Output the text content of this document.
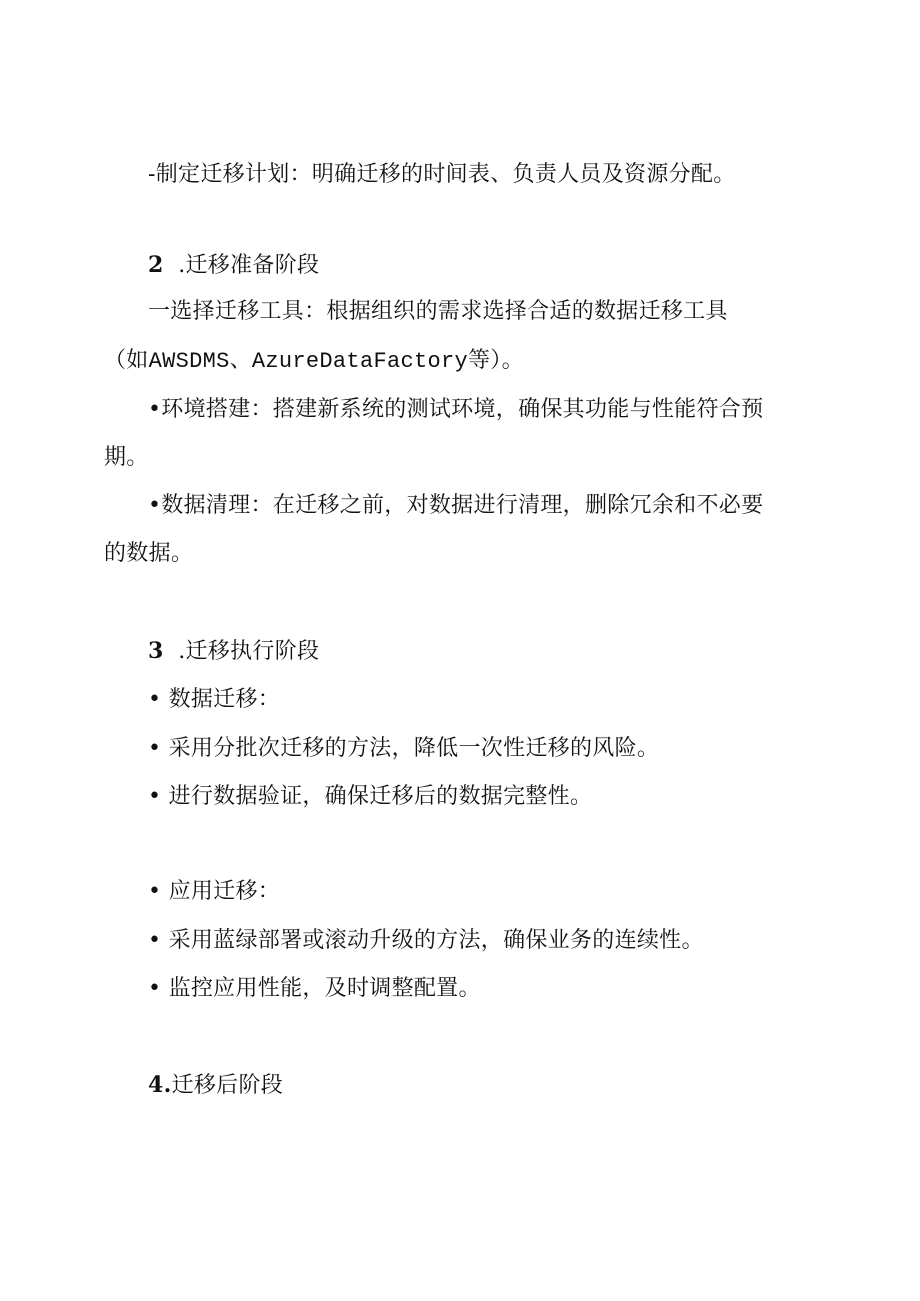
-制定迁移计划：明确迁移的时间表、负责人员及资源分配。
2 .迁移准备阶段
一选择迁移工具：根据组织的需求选择合适的数据迁移工具
（如AWSDMS、AzureDataFactory等）。
•环境搭建：搭建新系统的测试环境，确保其功能与性能符合预
期。
•数据清理：在迁移之前，对数据进行清理，删除冗余和不必要
的数据。
3 .迁移执行阶段
• 数据迁移：
• 采用分批次迁移的方法，降低一次性迁移的风险。
• 进行数据验证，确保迁移后的数据完整性。
• 应用迁移：
• 采用蓝绿部署或滚动升级的方法，确保业务的连续性。
• 监控应用性能，及时调整配置。
4.迁移后阶段
